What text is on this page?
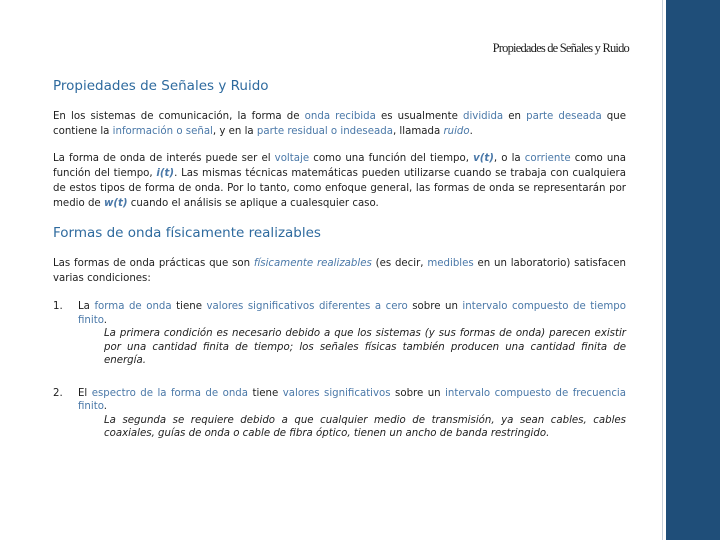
Propiedades de Señales y Ruido
Propiedades de Señales y Ruido

En los sistemas de comunicación, la forma de onda recibida es usualmente dividida en parte deseada que contiene la información o señal, y en la parte residual o indeseada, llamada ruido.

La forma de onda de interés puede ser el voltaje como una función del tiempo, v(t), o la corriente como una función del tiempo, i(t). Las mismas técnicas matemáticas pueden utilizarse cuando se trabaja con cualquiera de estos tipos de forma de onda. Por lo tanto, como enfoque general, las formas de onda se representarán por medio de w(t) cuando el análisis se aplique a cualesquier caso.

Formas de onda físicamente realizables

Las formas de onda prácticas que son físicamente realizables (es decir, medibles en un laboratorio) satisfacen varias condiciones:

1. La forma de onda tiene valores significativos diferentes a cero sobre un intervalo compuesto de tiempo finito.

La primera condición es necesario debido a que los sistemas (y sus formas de onda) parecen existir por una cantidad finita de tiempo; los señales físicas también producen una cantidad finita de energía.

2. El espectro de la forma de onda tiene valores significativos sobre un intervalo compuesto de frecuencia finito.

La segunda se requiere debido a que cualquier medio de transmisión, ya sean cables, cables coaxiales, guías de onda o cable de fibra óptico, tienen un ancho de banda restringido.
